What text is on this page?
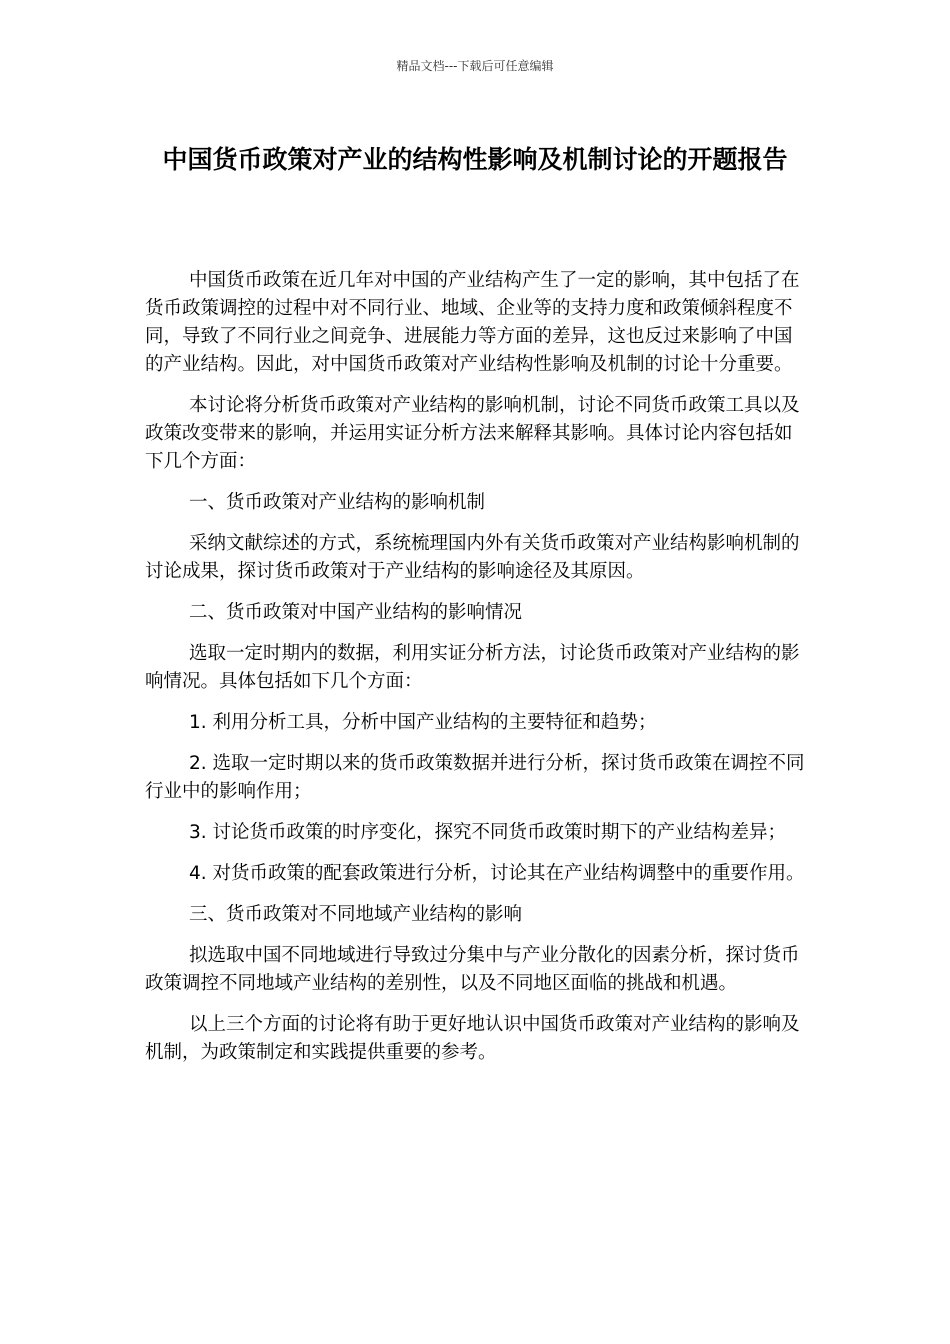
精品文档---下载后可任意编辑
中国货币政策对产业的结构性影响及机制讨论的开题报告

中国货币政策在近几年对中国的产业结构产生了一定的影响，其中包括了在货币政策调控的过程中对不同行业、地域、企业等的支持力度和政策倾斜程度不同，导致了不同行业之间竞争、进展能力等方面的差异，这也反过来影响了中国的产业结构。因此，对中国货币政策对产业结构性影响及机制的讨论十分重要。

本讨论将分析货币政策对产业结构的影响机制，讨论不同货币政策工具以及政策改变带来的影响，并运用实证分析方法来解释其影响。具体讨论内容包括如下几个方面：

一、货币政策对产业结构的影响机制

采纳文献综述的方式，系统梳理国内外有关货币政策对产业结构影响机制的讨论成果，探讨货币政策对于产业结构的影响途径及其原因。

二、货币政策对中国产业结构的影响情况

选取一定时期内的数据，利用实证分析方法，讨论货币政策对产业结构的影响情况。具体包括如下几个方面：

1. 利用分析工具，分析中国产业结构的主要特征和趋势；

2. 选取一定时期以来的货币政策数据并进行分析，探讨货币政策在调控不同行业中的影响作用；

3. 讨论货币政策的时序变化，探究不同货币政策时期下的产业结构差异；

4. 对货币政策的配套政策进行分析，讨论其在产业结构调整中的重要作用。

三、货币政策对不同地域产业结构的影响

拟选取中国不同地域进行导致过分集中与产业分散化的因素分析，探讨货币政策调控不同地域产业结构的差别性，以及不同地区面临的挑战和机遇。

以上三个方面的讨论将有助于更好地认识中国货币政策对产业结构的影响及机制，为政策制定和实践提供重要的参考。
